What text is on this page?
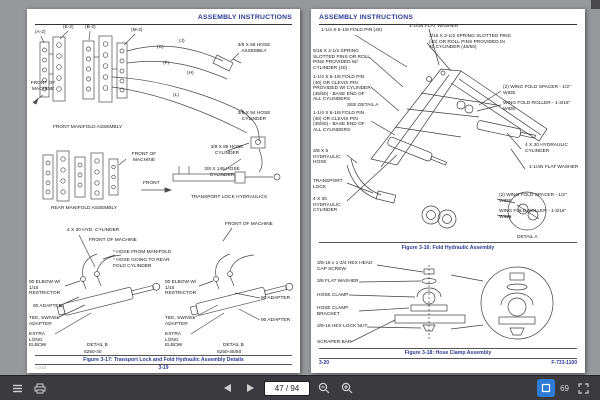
ASSEMBLY INSTRUCTIONS
(A-2)
(E-2) (B-2)
(M-2)
(C)
(J)
(F)
(H)
(L)
FRONT OF MACHINE
FRONT MANIFOLD ASSEMBLY
3/8 X 56 HOSE ASSEMBLY
3/8 X 94 HOSE CYLINDER
3/8 X 86 HOSE CYLINDER
3/8 X 146 HOSE CYLINDER
TRANSPORT LOCK HYDRAULICS
FRONT
FRONT OF MACHINE
REAR MANIFOLD ASSEMBLY
4 X 30 HYD. CYLINDER
FRONT OF MACHINE
* HOSE FROM MANIFOLD
* HOSE GOING TO REAR FOLD CYLINDER
90 ELBOW W/ 1/16 RESTRICTOR
90 ADAPTER
TEE, SWIVEL ADAPTER
EXTRA LONG ELBOW	DETAIL B
6250-40
FRONT OF MACHINE
90 ELBOW W/ 1/16 RESTRICTOR
90 ADAPTER
TEE, SWIVEL ADAPTER
90 ADAPTER
EXTRA LONG ELBOW	DETAIL B
6250-45/50
Figure 3-17: Transport Lock and Fold Hydraulic Assembly Details
© 2003	3-19
ASSEMBLY INSTRUCTIONS
1-1/4 X 6-1/8 FOLD PIN (40)
1-1/4N FLAT WASHER
3/16 X 2-1/2 SPRING SLOTTED PINS (40) OR ROLL PINS PROVIDED IN 40 CYLINDER (45/50)
5/16 X 2-1/2 SPRING SLOTTED PINS OR ROLL PINS PROVIDED W/ CYLINDER (40)
1-1/4 X 6-1/8 FOLD PIN (40) OR CLEVIS PIN PROVIDED W/ CYLINDER (45/50) - BASE END OF ALL CYLINDERS
SEE DETAIL A
1-1/4 X 6-1/8 FOLD PIN (40) OR CLEVIS PIN (45/50) - BASE END OF ALL CYLINDERS
(2) WING FOLD SPACER - 1/2" WIDE
WING FOLD ROLLER - 1-3/16" WIDE
4 X 30 HYDRAULIC CYLINDER
1-1/4N FLAT WASHER
3/8 X 6 HYDRAULIC HOSE
TRANSPORT LOCK
4 X 30 HYDRAULIC CYLINDER
(2) WING FOLD SPACER - 1/2" WIDE
WING FOLD ROLLER - 1-3/16" WIDE
DETAIL A
Figure 3-16: Fold Hydraulic Assembly
3/8-16 x 1-3/4 HEX HEAD CAP SCREW
3/8 FLAT WASHER
HOSE CLAMP
HOSE CLAMP BRACKET
3/8-16 HEX LOCK NUT
SCRAPER BAR
Figure 3-18: Hose Clamp Assembly
3-20	F-733-1100
47 / 94
69
